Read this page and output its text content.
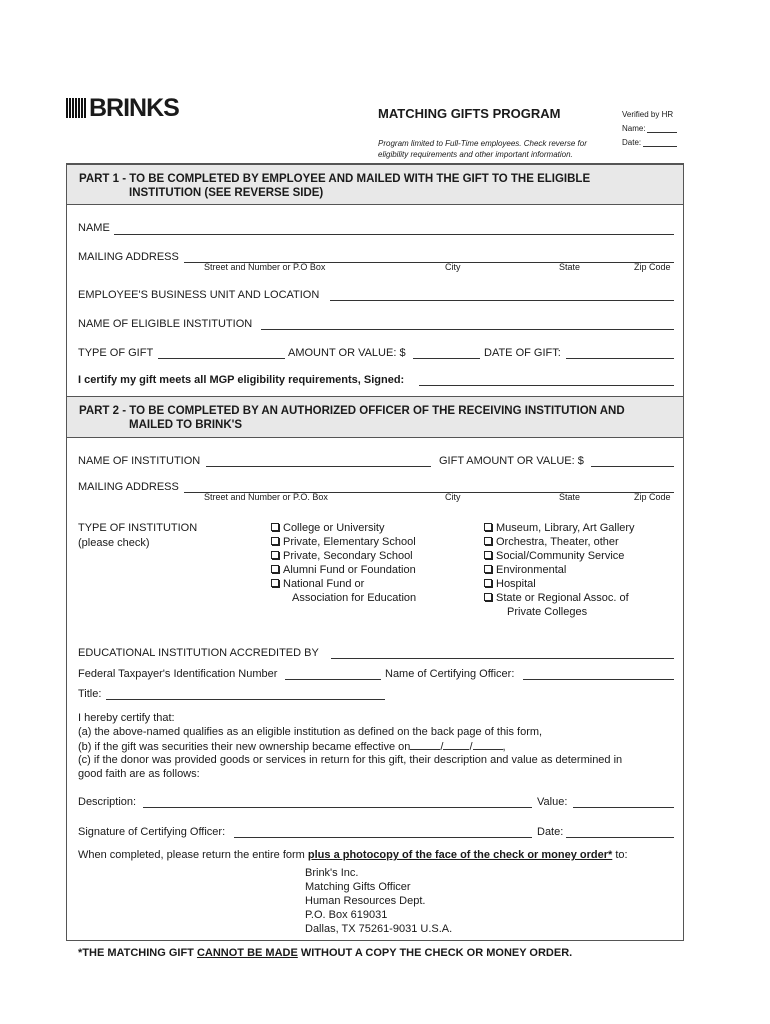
BRINKS	MATCHING GIFTS PROGRAM
Program limited to Full-Time employees. Check reverse for
eligibility requirements and other important information.
Verified by HR
Name:
Date:
PART 1 - TO BE COMPLETED BY EMPLOYEE AND MAILED WITH THE GIFT TO THE ELIGIBLE
INSTITUTION (SEE REVERSE SIDE)
NAME
MAILING ADDRESS
Street and Number or P.O Box	City	State	Zip Code
EMPLOYEE'S BUSINESS UNIT AND LOCATION
NAME OF ELIGIBLE INSTITUTION
TYPE OF GIFT	AMOUNT OR VALUE: $	DATE OF GIFT:
I certify my gift meets all MGP eligibility requirements, Signed:
PART 2 - TO BE COMPLETED BY AN AUTHORIZED OFFICER OF THE RECEIVING INSTITUTION AND
MAILED TO BRINK'S
NAME OF INSTITUTION	GIFT AMOUNT OR VALUE: $
MAILING ADDRESS
Street and Number or P.O. Box	City	State	Zip Code
TYPE OF INSTITUTION
(please check)
College or University
Private, Elementary School
Private, Secondary School
Alumni Fund or Foundation
National Fund or
Association for Education
Museum, Library, Art Gallery
Orchestra, Theater, other
Social/Community Service
Environmental
Hospital
State or Regional Assoc. of
Private Colleges
EDUCATIONAL INSTITUTION ACCREDITED BY
Federal Taxpayer's Identification Number	Name of Certifying Officer:
Title:
I hereby certify that:
(a) the above-named qualifies as an eligible institution as defined on the back page of this form,
(b) if the gift was securities their new ownership became effective on	/ /	,
(c) if the donor was provided goods or services in return for this gift, their description and value as determined in
good faith are as follows:
Description:	Value:
Signature of Certifying Officer:	Date:
When completed, please return the entire form plus a photocopy of the face of the check or money order* to:
Brink's Inc.
Matching Gifts Officer
Human Resources Dept.
P.O. Box 619031
Dallas, TX 75261-9031 U.S.A.
*THE MATCHING GIFT CANNOT BE MADE WITHOUT A COPY THE CHECK OR MONEY ORDER.
